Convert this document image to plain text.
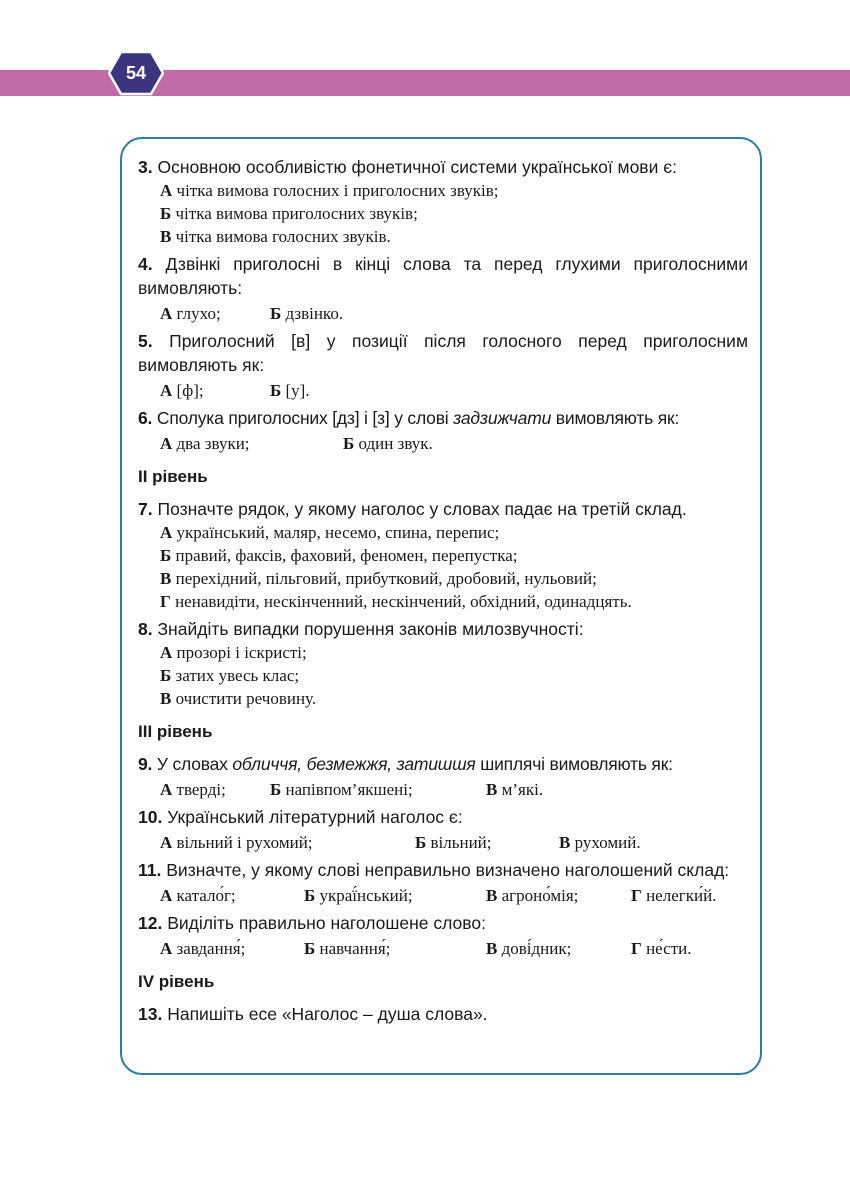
54
3. Основною особливістю фонетичної системи української мови є:
А чітка вимова голосних і приголосних звуків;
Б чітка вимова приголосних звуків;
В чітка вимова голосних звуків.
4. Дзвінкі приголосні в кінці слова та перед глухими приголосними вимовляють:
А глухо;	Б дзвінко.
5. Приголосний [в] у позиції після голосного перед приголосним вимовляють як:
А [ф];	Б [у].
6. Сполука приголосних [дз] і [з] у слові задзижчати вимовляють як:
А два звуки;	Б один звук.
ІІ рівень
7. Позначте рядок, у якому наголос у словах падає на третій склад.
А український, маляр, несемо, спина, перепис;
Б правий, факсів, фаховий, феномен, перепустка;
В перехідний, пільговий, прибутковий, дробовий, нульовий;
Г ненавидіти, нескінченний, нескінчений, обхідний, одинадцять.
8. Знайдіть випадки порушення законів милозвучності:
А прозорі і іскристі;
Б затих увесь клас;
В очистити речовину.
ІІІ рівень
9. У словах обличчя, безмежжя, затишшя шиплячі вимовляють як:
А тверді;	Б напівпом’якшені;	В м’які.
10. Український літературний наголос є:
А вільний і рухомий;	Б вільний;	В рухомий.
11. Визначте, у якому слові неправильно визначено наголошений склад:
А катало́г;	Б украї́нський;	В агроно́мія;	Г нелегки́й.
12. Виділіть правильно наголошене слово:
А завдання́;	Б навчання́;	В дові́дник;	Г не́сти.
IV рівень
13. Напишіть есе «Наголос – душа слова».
